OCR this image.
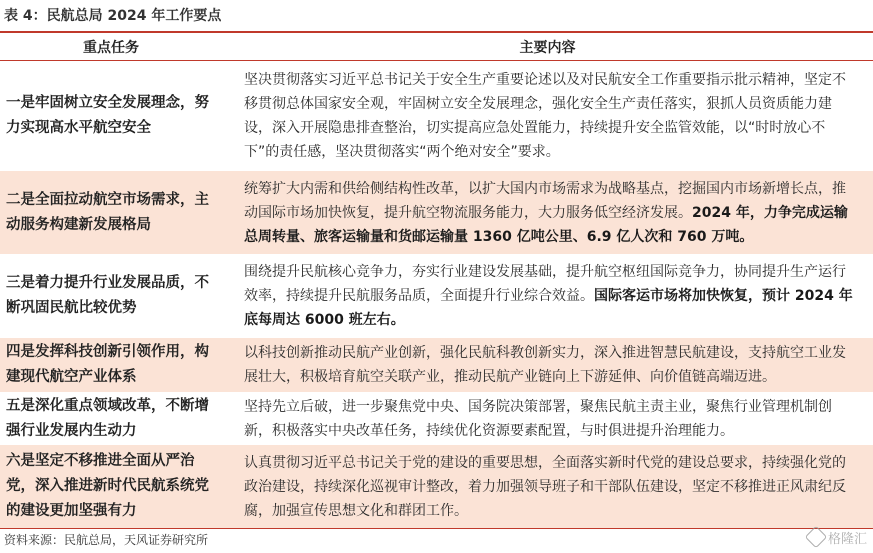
表 4：民航总局 2024 年工作要点
重点任务	主要内容
一是牢固树立安全发展理念，努力实现高水平航空安全	坚决贯彻落实习近平总书记关于安全生产重要论述以及对民航安全工作重要指示批示精神，坚定不移贯彻总体国家安全观，牢固树立安全发展理念，强化安全生产责任落实，狠抓人员资质能力建设，深入开展隐患排查整治，切实提高应急处置能力，持续提升安全监管效能，以“时时放心不下”的责任感，坚决贯彻落实“两个绝对安全”要求。
二是全面拉动航空市场需求，主动服务构建新发展格局	统筹扩大内需和供给侧结构性改革，以扩大国内市场需求为战略基点，挖掘国内市场新增长点，推动国际市场加快恢复，提升航空物流服务能力，大力服务低空经济发展。2024 年，力争完成运输总周转量、旅客运输量和货邮运输量 1360 亿吨公里、6.9 亿人次和 760 万吨。
三是着力提升行业发展品质，不断巩固民航比较优势	围绕提升民航核心竞争力，夯实行业建设发展基础，提升航空枢纽国际竞争力，协同提升生产运行效率，持续提升民航服务品质，全面提升行业综合效益。国际客运市场将加快恢复，预计 2024 年底每周达 6000 班左右。
四是发挥科技创新引领作用，构建现代航空产业体系	以科技创新推动民航产业创新，强化民航科教创新实力，深入推进智慧民航建设，支持航空工业发展壮大，积极培育航空关联产业，推动民航产业链向上下游延伸、向价值链高端迈进。
五是深化重点领域改革，不断增强行业发展内生动力	坚持先立后破，进一步聚焦党中央、国务院决策部署，聚焦民航主责主业，聚焦行业管理机制创新，积极落实中央改革任务，持续优化资源要素配置，与时俱进提升治理能力。
六是坚定不移推进全面从严治党，深入推进新时代民航系统党的建设更加坚强有力	认真贯彻习近平总书记关于党的建设的重要思想，全面落实新时代党的建设总要求，持续强化党的政治建设，持续深化巡视审计整改，着力加强领导班子和干部队伍建设，坚定不移推进正风肃纪反腐，加强宣传思想文化和群团工作。
资料来源：民航总局，天风证券研究所	格隆汇
